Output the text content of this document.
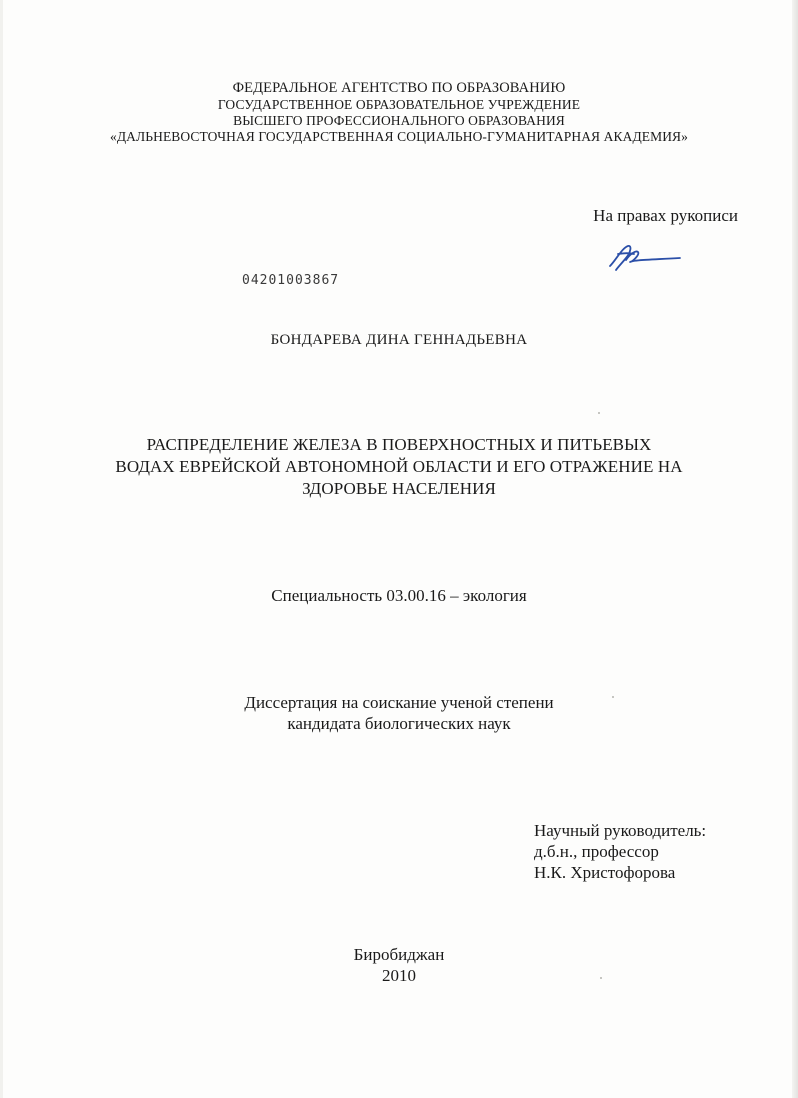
ФЕДЕРАЛЬНОЕ АГЕНТСТВО ПО ОБРАЗОВАНИЮ
ГОСУДАРСТВЕННОЕ ОБРАЗОВАТЕЛЬНОЕ УЧРЕЖДЕНИЕ
ВЫСШЕГО ПРОФЕССИОНАЛЬНОГО ОБРАЗОВАНИЯ
«ДАЛЬНЕВОСТОЧНАЯ ГОСУДАРСТВЕННАЯ СОЦИАЛЬНО-ГУМАНИТАРНАЯ АКАДЕМИЯ»
На правах рукописи
04201003867
БОНДАРЕВА ДИНА ГЕННАДЬЕВНА
РАСПРЕДЕЛЕНИЕ ЖЕЛЕЗА В ПОВЕРХНОСТНЫХ И ПИТЬЕВЫХ
ВОДАХ ЕВРЕЙСКОЙ АВТОНОМНОЙ ОБЛАСТИ И ЕГО ОТРАЖЕНИЕ НА
ЗДОРОВЬЕ НАСЕЛЕНИЯ
Специальность 03.00.16 – экология
Диссертация на соискание ученой степени
кандидата биологических наук
Научный руководитель:
д.б.н., профессор
Н.К. Христофорова
Биробиджан
2010
